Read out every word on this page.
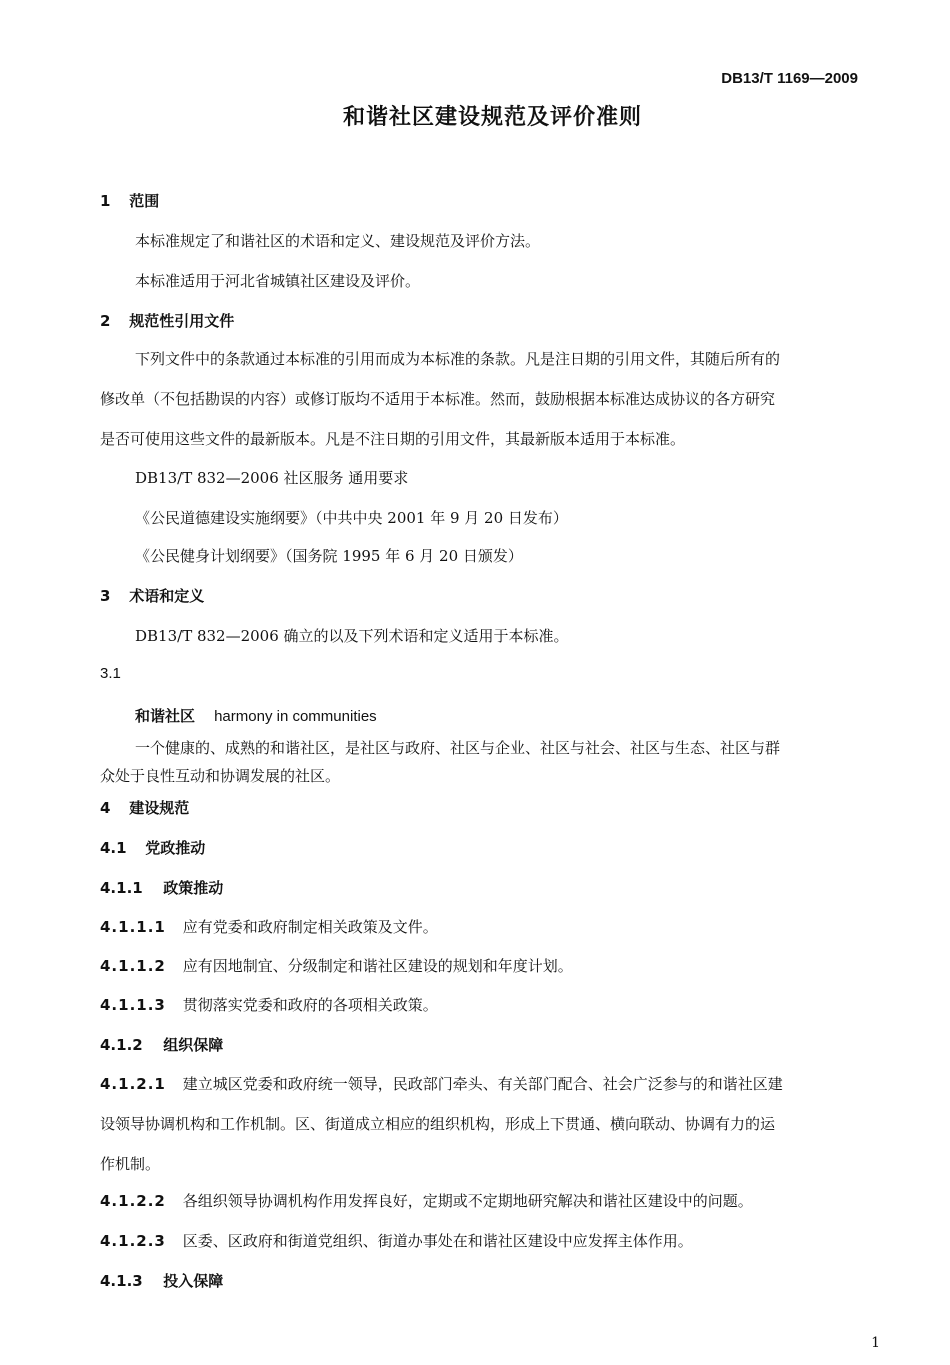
DB13/T 1169—2009
和谐社区建设规范及评价准则
1 范围
本标准规定了和谐社区的术语和定义、建设规范及评价方法。
本标准适用于河北省城镇社区建设及评价。
2 规范性引用文件
下列文件中的条款通过本标准的引用而成为本标准的条款。凡是注日期的引用文件，其随后所有的
修改单（不包括勘误的内容）或修订版均不适用于本标准。然而，鼓励根据本标准达成协议的各方研究
是否可使用这些文件的最新版本。凡是不注日期的引用文件，其最新版本适用于本标准。
DB13/T 832—2006 社区服务 通用要求
《公民道德建设实施纲要》（中共中央 2001 年 9 月 20 日发布）
《公民健身计划纲要》（国务院 1995 年 6 月 20 日颁发）
3 术语和定义
DB13/T 832—2006 确立的以及下列术语和定义适用于本标准。
3.1
和谐社区 harmony in communities
一个健康的、成熟的和谐社区，是社区与政府、社区与企业、社区与社会、社区与生态、社区与群
众处于良性互动和协调发展的社区。
4 建设规范
4.1 党政推动
4.1.1 政策推动
4.1.1.1 应有党委和政府制定相关政策及文件。
4.1.1.2 应有因地制宜、分级制定和谐社区建设的规划和年度计划。
4.1.1.3 贯彻落实党委和政府的各项相关政策。
4.1.2 组织保障
4.1.2.1 建立城区党委和政府统一领导，民政部门牵头、有关部门配合、社会广泛参与的和谐社区建
设领导协调机构和工作机制。区、街道成立相应的组织机构，形成上下贯通、横向联动、协调有力的运
作机制。
4.1.2.2 各组织领导协调机构作用发挥良好，定期或不定期地研究解决和谐社区建设中的问题。
4.1.2.3 区委、区政府和街道党组织、街道办事处在和谐社区建设中应发挥主体作用。
4.1.3 投入保障
1
